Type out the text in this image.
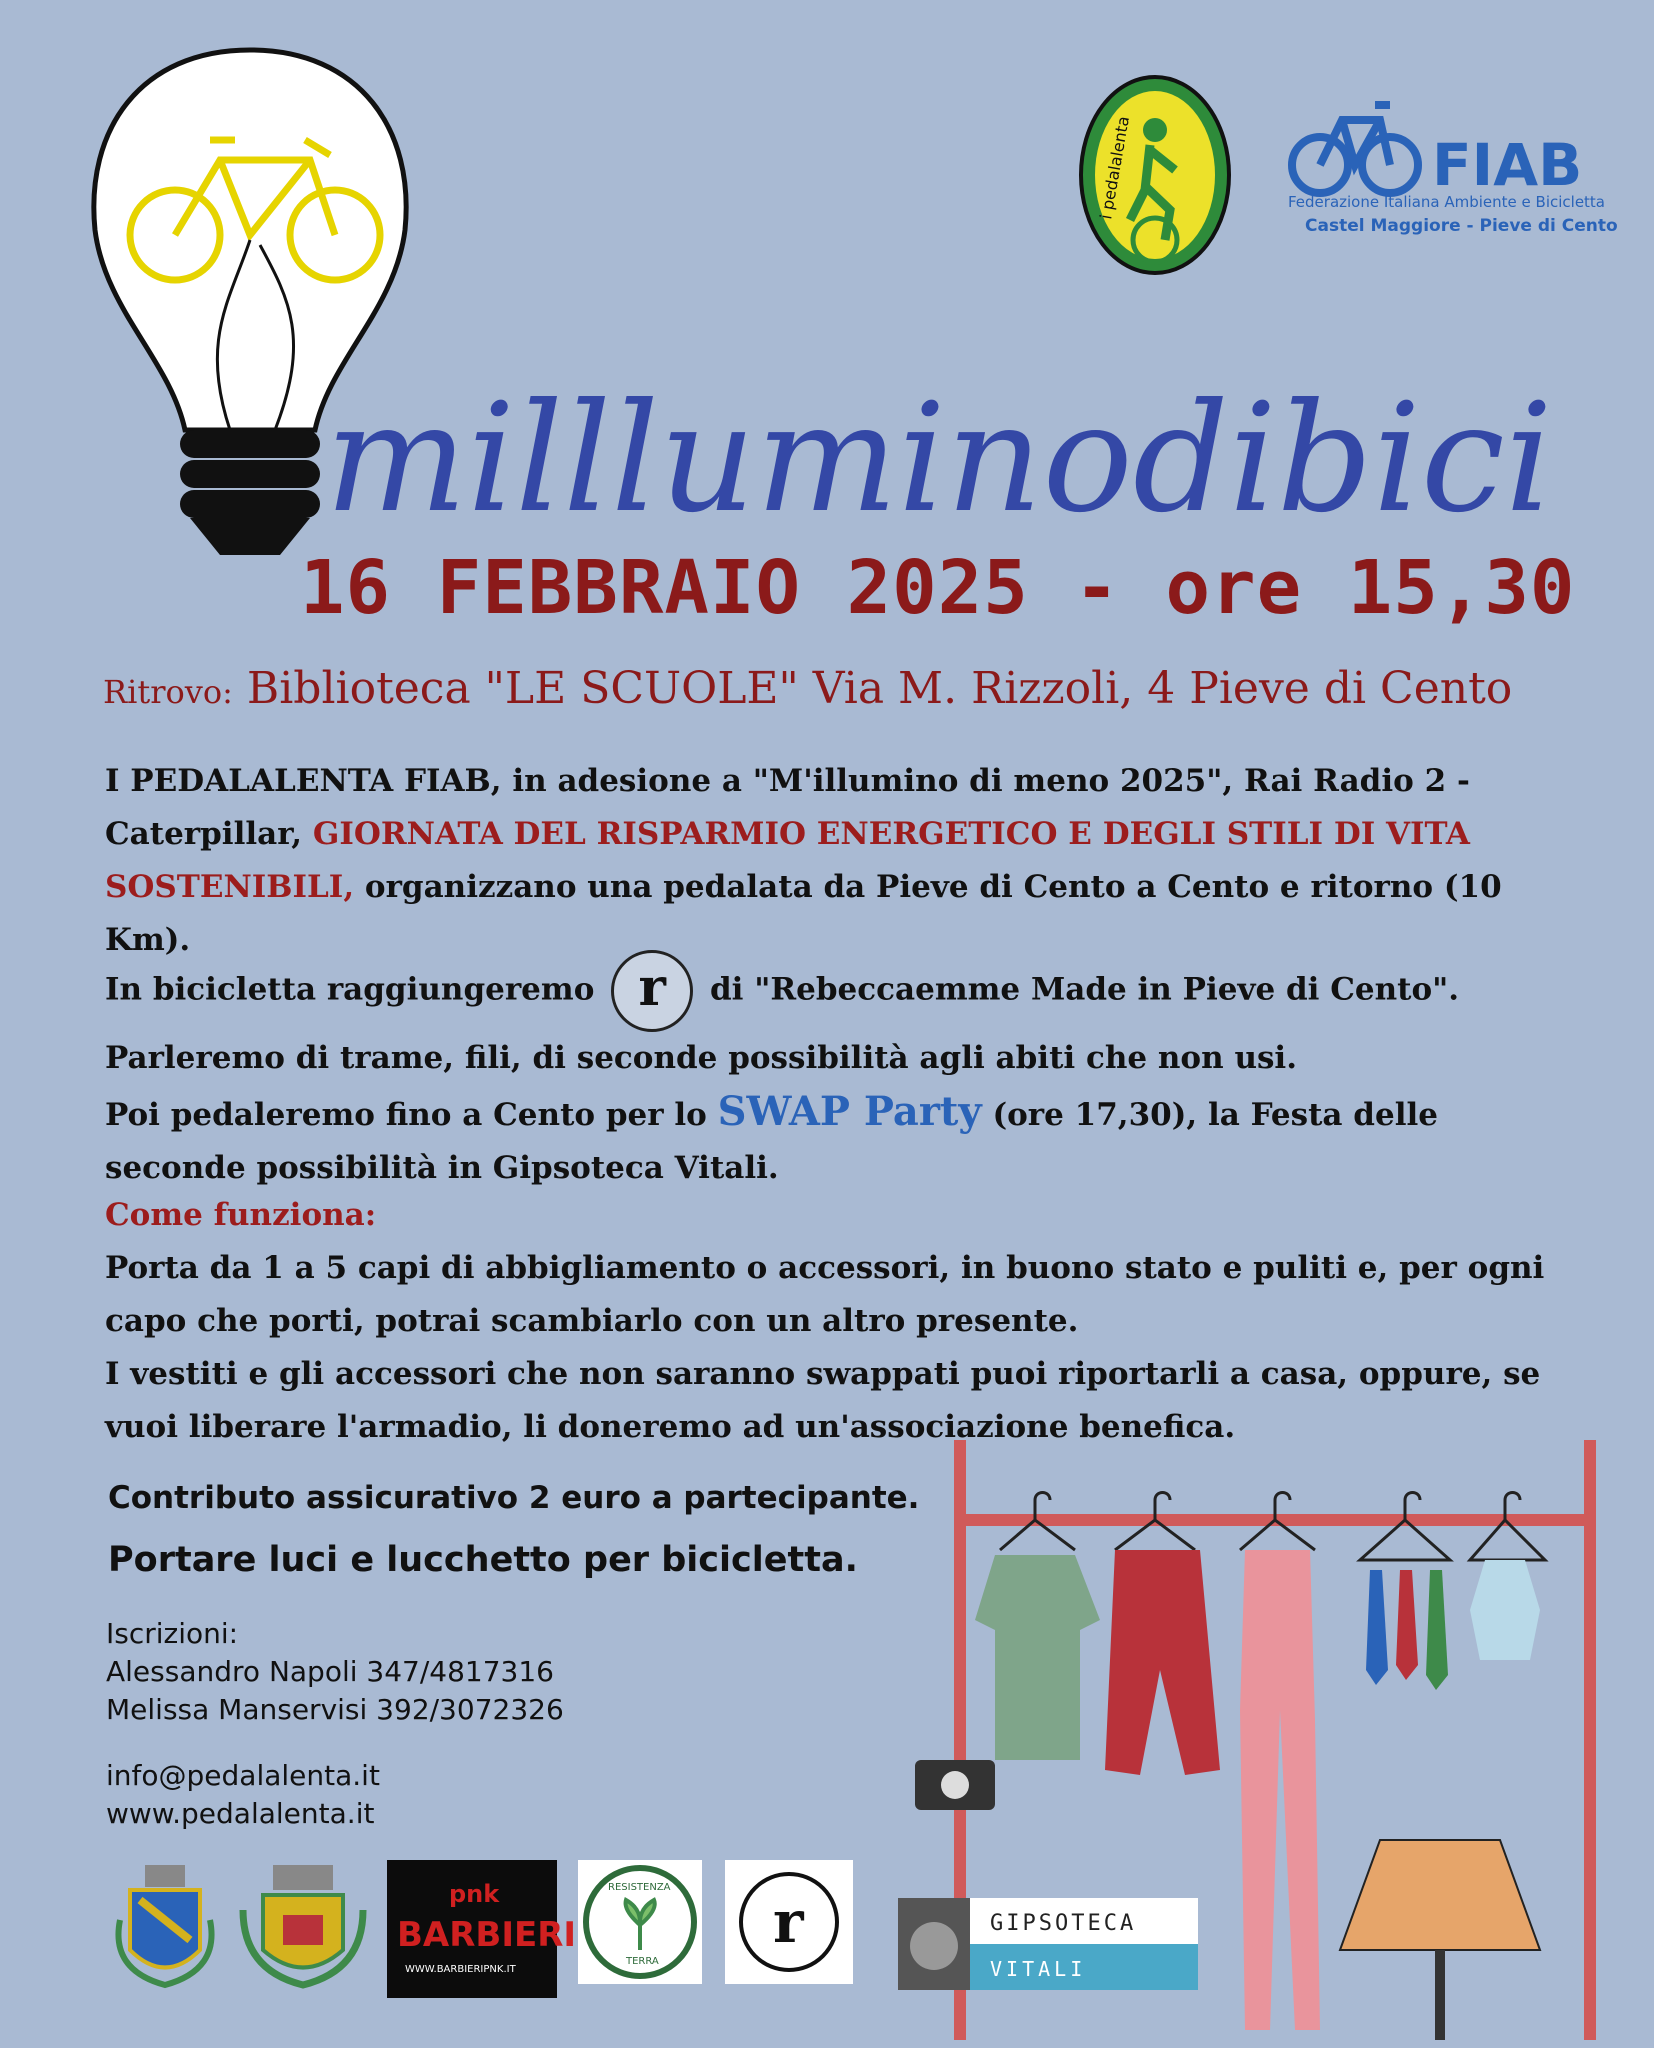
millluminodibici
i pedalalenta	FIAB
Federazione Italiana Ambiente e Bicicletta
Castel Maggiore - Pieve di Cento
16 FEBBRAIO 2025 - ore 15,30
Ritrovo: Biblioteca "LE SCUOLE" Via M. Rizzoli, 4 Pieve di Cento
I PEDALALENTA FIAB, in adesione a "M'illumino di meno 2025", Rai Radio 2 - Caterpillar, GIORNATA DEL RISPARMIO ENERGETICO E DEGLI STILI DI VITA SOSTENIBILI, organizzano una pedalata da Pieve di Cento a Cento e ritorno (10 Km).
In bicicletta raggiungeremo r di "Rebeccaemme Made in Pieve di Cento".
Parleremo di trame, fili, di seconde possibilità agli abiti che non usi.
Poi pedaleremo fino a Cento per lo SWAP Party (ore 17,30), la Festa delle seconde possibilità in Gipsoteca Vitali.
Come funziona:
Porta da 1 a 5 capi di abbigliamento o accessori, in buono stato e puliti e, per ogni capo che porti, potrai scambiarlo con un altro presente.
I vestiti e gli accessori che non saranno swappati puoi riportarli a casa, oppure, se vuoi liberare l'armadio, li doneremo ad un'associazione benefica.
Contributo assicurativo 2 euro a partecipante.
Portare luci e lucchetto per bicicletta.
Iscrizioni:
Alessandro Napoli 347/4817316
Melissa Manservisi 392/3072326
info@pedalalenta.it
www.pedalalenta.it
pnk
BARBIERI
WWW.BARBIERIPNK.IT
RESISTENZA
TERRA
r	GIPSOTECA
VITALI
